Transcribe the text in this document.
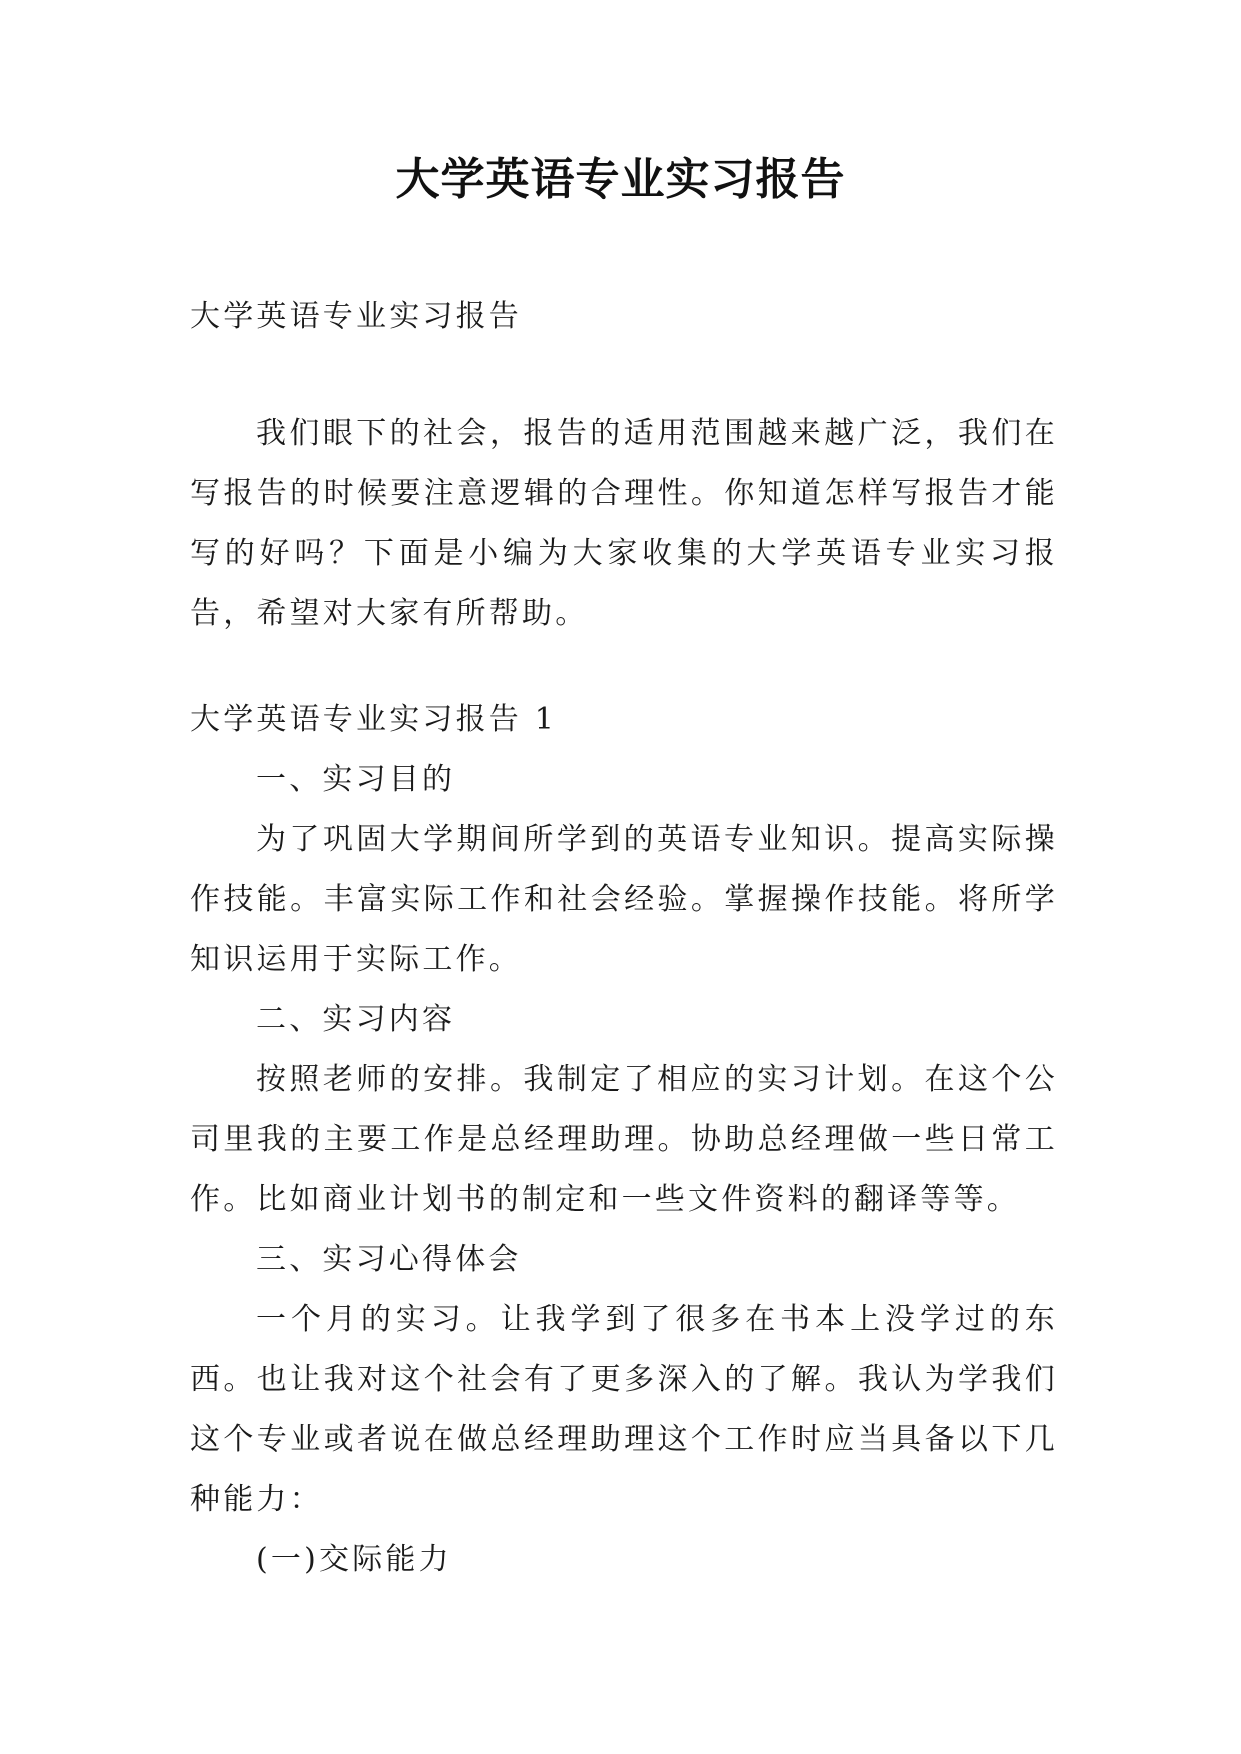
大学英语专业实习报告
大学英语专业实习报告

我们眼下的社会，报告的适用范围越来越广泛，我们在写报告的时候要注意逻辑的合理性。你知道怎样写报告才能写的好吗？下面是小编为大家收集的大学英语专业实习报告，希望对大家有所帮助。

大学英语专业实习报告 1

一、实习目的

为了巩固大学期间所学到的英语专业知识。提高实际操作技能。丰富实际工作和社会经验。掌握操作技能。将所学知识运用于实际工作。

二、实习内容

按照老师的安排。我制定了相应的实习计划。在这个公司里我的主要工作是总经理助理。协助总经理做一些日常工作。比如商业计划书的制定和一些文件资料的翻译等等。

三、实习心得体会

一个月的实习。让我学到了很多在书本上没学过的东西。也让我对这个社会有了更多深入的了解。我认为学我们这个专业或者说在做总经理助理这个工作时应当具备以下几种能力：

(一)交际能力
